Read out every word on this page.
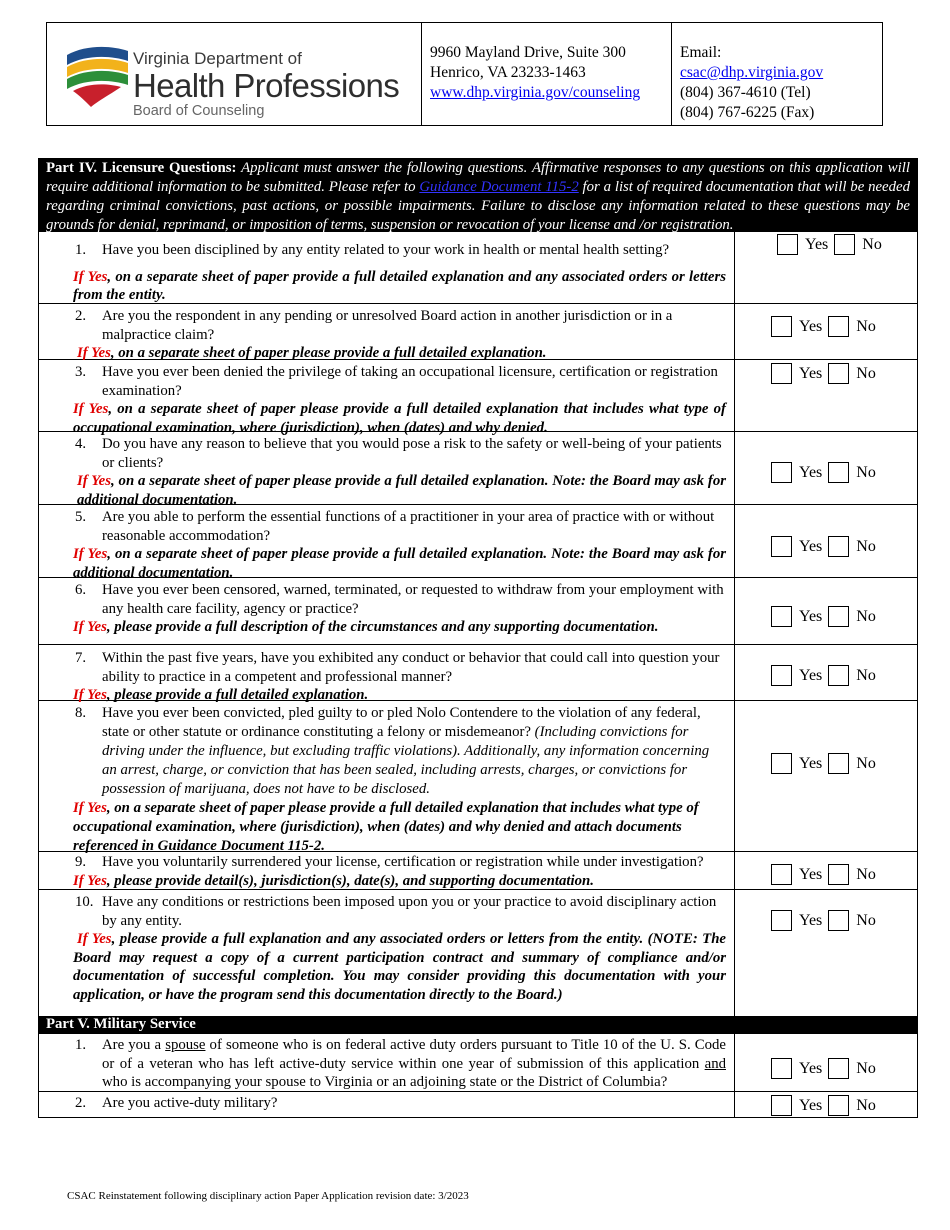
Virginia Department of
Health Professions
Board of Counseling
9960 Mayland Drive, Suite 300
Henrico, VA 23233-1463
www.dhp.virginia.gov/counseling
Email:
csac@dhp.virginia.gov
(804) 367-4610 (Tel)
(804) 767-6225 (Fax)
Part IV. Licensure Questions: Applicant must answer the following questions. Affirmative responses to any questions on this application will require additional information to be submitted. Please refer to Guidance Document 115-2 for a list of required documentation that will be needed regarding criminal convictions, past actions, or possible impairments. Failure to disclose any information related to these questions may be grounds for denial, reprimand, or imposition of terms, suspension or revocation of your license and /or registration.
1.	Have you been disciplined by any entity related to your work in health or mental health setting?
If Yes, on a separate sheet of paper provide a full detailed explanation and any associated orders or letters from the entity.
Yes No
2.	Are you the respondent in any pending or unresolved Board action in another jurisdiction or in a malpractice claim?
If Yes, on a separate sheet of paper please provide a full detailed explanation.
Yes No
3.	Have you ever been denied the privilege of taking an occupational licensure, certification or registration examination?
If Yes, on a separate sheet of paper please provide a full detailed explanation that includes what type of occupational examination, where (jurisdiction), when (dates) and why denied.
Yes No
4.	Do you have any reason to believe that you would pose a risk to the safety or well-being of your patients or clients?
If Yes, on a separate sheet of paper please provide a full detailed explanation. Note: the Board may ask for additional documentation.
Yes No
5.	Are you able to perform the essential functions of a practitioner in your area of practice with or without reasonable accommodation?
If Yes, on a separate sheet of paper please provide a full detailed explanation. Note: the Board may ask for additional documentation.
Yes No
6.	Have you ever been censored, warned, terminated, or requested to withdraw from your employment with any health care facility, agency or practice?
If Yes, please provide a full description of the circumstances and any supporting documentation.
Yes No
7.	Within the past five years, have you exhibited any conduct or behavior that could call into question your ability to practice in a competent and professional manner?
If Yes, please provide a full detailed explanation.
Yes No
8.	Have you ever been convicted, pled guilty to or pled Nolo Contendere to the violation of any federal, state or other statute or ordinance constituting a felony or misdemeanor? (Including convictions for driving under the influence, but excluding traffic violations). Additionally, any information concerning an arrest, charge, or conviction that has been sealed, including arrests, charges, or convictions for possession of marijuana, does not have to be disclosed.
If Yes, on a separate sheet of paper please provide a full detailed explanation that includes what type of occupational examination, where (jurisdiction), when (dates) and why denied and attach documents referenced in Guidance Document 115-2.
Yes No
9.	Have you voluntarily surrendered your license, certification or registration while under investigation?
If Yes, please provide detail(s), jurisdiction(s), date(s), and supporting documentation.	Yes No
10. Have any conditions or restrictions been imposed upon you or your practice to avoid disciplinary action by any entity.
If Yes, please provide a full explanation and any associated orders or letters from the entity. (NOTE: The Board may request a copy of a current participation contract and summary of compliance and/or documentation of successful completion. You may consider providing this documentation with your application, or have the program send this documentation directly to the Board.)
Yes No
Part V. Military Service
1.	Are you a spouse of someone who is on federal active duty orders pursuant to Title 10 of the U. S. Code or of a veteran who has left active-duty service within one year of submission of this application and who is accompanying your spouse to Virginia or an adjoining state or the District of Columbia?
Yes No
2.	Are you active-duty military?	Yes No
CSAC Reinstatement following disciplinary action Paper Application revision date: 3/2023
